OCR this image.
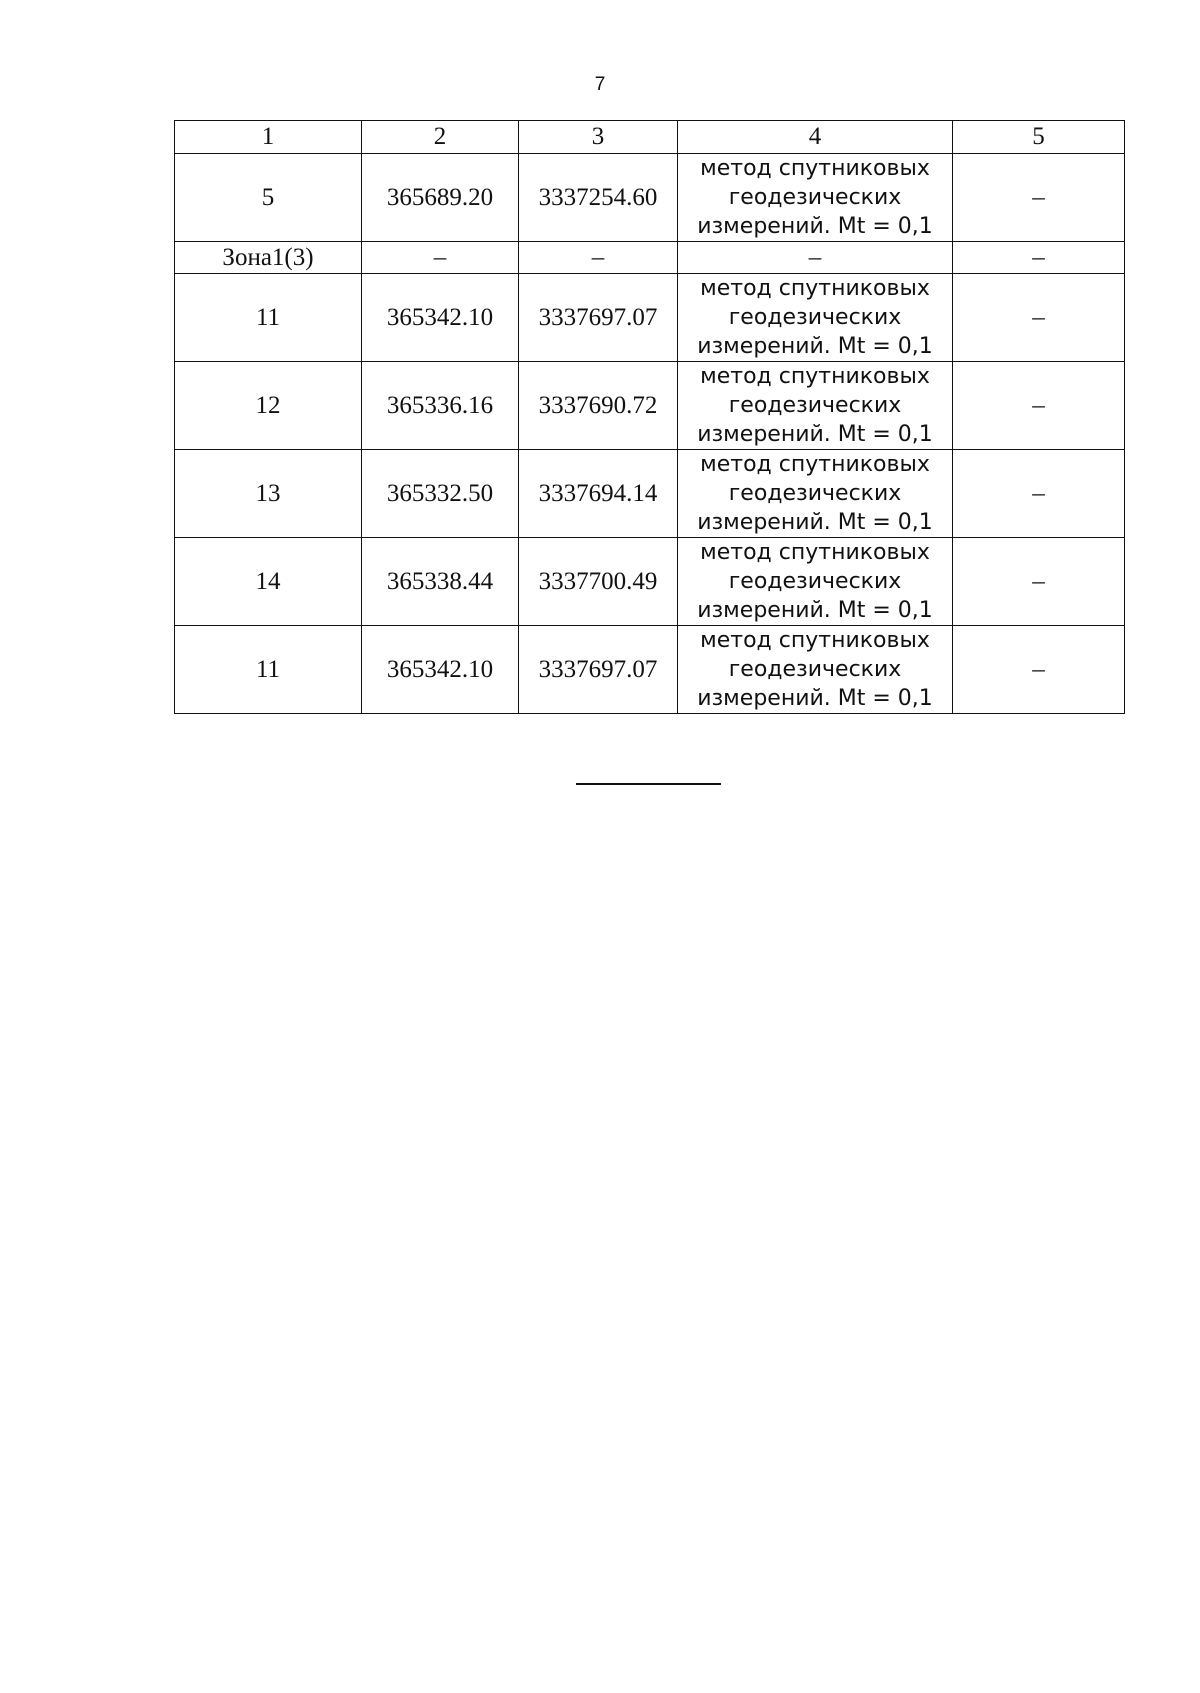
7
1	2	3	4	5
5	365689.20	3337254.60	метод спутниковых
геодезических
измерений. Mt = 0,1	–
Зона1(3)	–	–	–	–
11	365342.10	3337697.07	метод спутниковых
геодезических
измерений. Mt = 0,1	–
12	365336.16	3337690.72	метод спутниковых
геодезических
измерений. Mt = 0,1	–
13	365332.50	3337694.14	метод спутниковых
геодезических
измерений. Mt = 0,1	–
14	365338.44	3337700.49	метод спутниковых
геодезических
измерений. Mt = 0,1	–
11	365342.10	3337697.07	метод спутниковых
геодезических
измерений. Mt = 0,1	–
